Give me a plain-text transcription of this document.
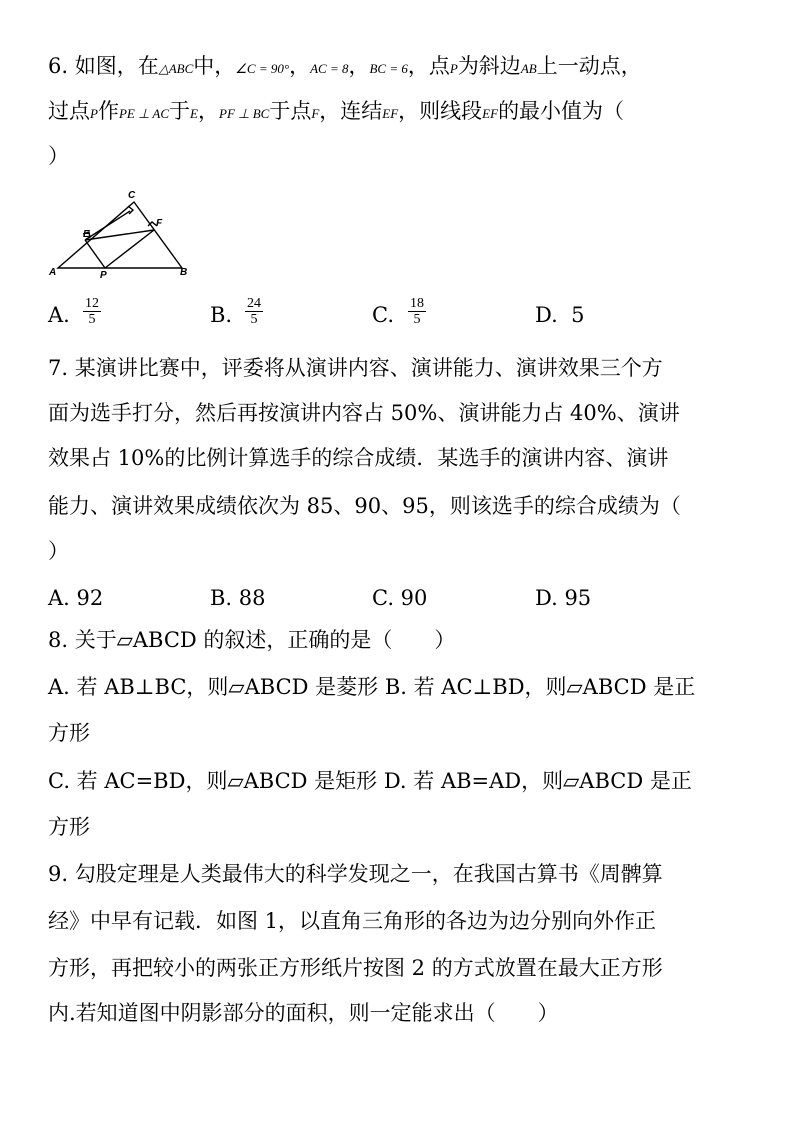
6. 如图，在△ABC中，∠C = 90°，AC = 8，BC = 6，点P为斜边AB上一动点，
过点P作PE ⊥ AC于E，PF ⊥ BC于点F，连结EF，则线段EF的最小值为（
）
A	B
C
E
F
P
A. $\frac{12}{5}$	B. $\frac{24}{5}$	C. $\frac{18}{5}$	D. 5
7. 某演讲比赛中，评委将从演讲内容、演讲能力、演讲效果三个方
面为选手打分，然后再按演讲内容占 50%、演讲能力占 40%、演讲
效果占 10%的比例计算选手的综合成绩．某选手的演讲内容、演讲
能力、演讲效果成绩依次为 85、90、95，则该选手的综合成绩为（
）
A. 92	B. 88	C. 90	D. 95
8. 关于▱ABCD 的叙述，正确的是（　　）
A. 若 AB⊥BC，则▱ABCD 是菱形 B. 若 AC⊥BD，则▱ABCD 是正
方形
C. 若 AC=BD，则▱ABCD 是矩形 D. 若 AB=AD，则▱ABCD 是正
方形
9. 勾股定理是人类最伟大的科学发现之一，在我国古算书《周髀算
经》中早有记载．如图 1，以直角三角形的各边为边分别向外作正
方形，再把较小的两张正方形纸片按图 2 的方式放置在最大正方形
内.若知道图中阴影部分的面积，则一定能求出（　　）
